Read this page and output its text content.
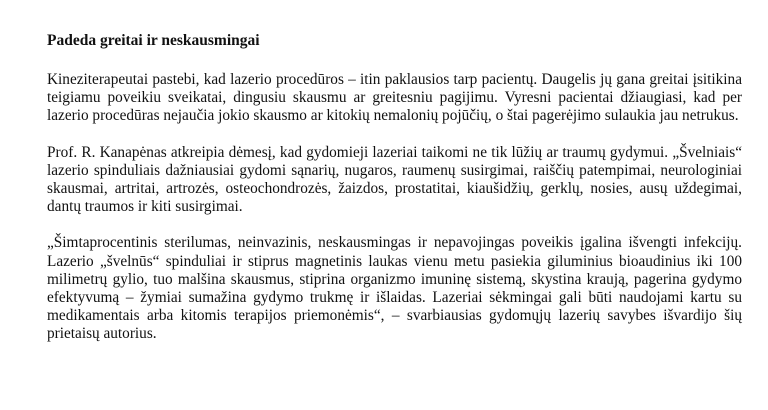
Padeda greitai ir neskausmingai

Kineziterapeutai pastebi, kad lazerio procedūros – itin paklausios tarp pacientų. Daugelis jų gana greitai įsitikina teigiamu poveikiu sveikatai, dingusiu skausmu ar greitesniu pagijimu. Vyresni pacientai džiaugiasi, kad per lazerio procedūras nejaučia jokio skausmo ar kitokių nemalonių pojūčių, o štai pagerėjimo sulaukia jau netrukus.

Prof. R. Kanapėnas atkreipia dėmesį, kad gydomieji lazeriai taikomi ne tik lūžių ar traumų gydymui. „Švelniais“ lazerio spinduliais dažniausiai gydomi sąnarių, nugaros, raumenų susirgimai, raiščių patempimai, neurologiniai skausmai, artritai, artrozės, osteochondrozės, žaizdos, prostatitai, kiaušidžių, gerklų, nosies, ausų uždegimai, dantų traumos ir kiti susirgimai.

„Šimtaprocentinis sterilumas, neinvazinis, neskausmingas ir nepavojingas poveikis įgalina išvengti infekcijų. Lazerio „švelnūs“ spinduliai ir stiprus magnetinis laukas vienu metu pasiekia giluminius bioaudinius iki 100 milimetrų gylio, tuo malšina skausmus, stiprina organizmo imuninę sistemą, skystina kraują, pagerina gydymo efektyvumą – žymiai sumažina gydymo trukmę ir išlaidas. Lazeriai sėkmingai gali būti naudojami kartu su medikamentais arba kitomis terapijos priemonėmis“, – svarbiausias gydomųjų lazerių savybes išvardijo šių prietaisų autorius.
